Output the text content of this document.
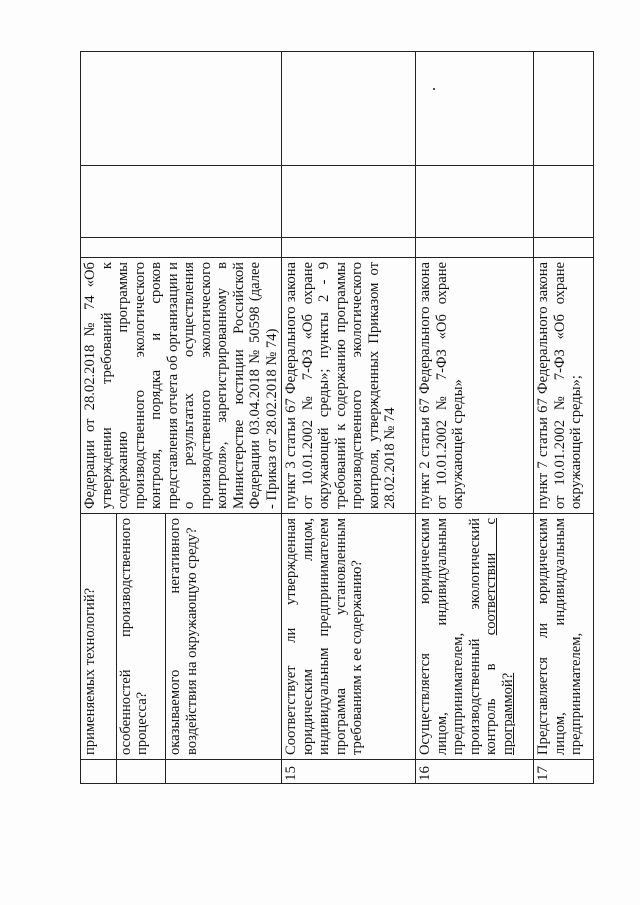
	применяемых технологий?	Федерации от 28.02.2018 № 74 «Об утверждении требований к содержанию программы производственного экологического контроля, порядка и сроков представления отчета об организации и о результатах осуществления производственного экологического контроля», зарегистрированному в Министерстве юстиции Российской Федерации 03.04.2018 № 50598 (далее - Приказ от 28.02.2018 № 74)			
	особенностей производственного процесса?				
	оказываемого негативного воздействия на окружающую среду?				
15	Соответствует ли утвержденная юридическим лицом, индивидуальным предпринимателем программа установленным требованиям к ее содержанию?	пункт 3 статьи 67 Федерального закона от 10.01.2002 № 7-ФЗ «Об охране окружающей среды»; пункты 2 - 9 требований к содержанию программы производственного экологического контроля, утвержденных Приказом от 28.02.2018 № 74			
16	Осуществляется юридическим лицом, индивидуальным предпринимателем, производственный экологический контроль в соответствии с программой?	пункт 2 статьи 67 Федерального закона от 10.01.2002 № 7-ФЗ «Об охране окружающей среды»			
17	Представляется ли юридическим лицом, индивидуальным предпринимателем,	пункт 7 статьи 67 Федерального закона от 10.01.2002 № 7-ФЗ «Об охране окружающей среды»;			
